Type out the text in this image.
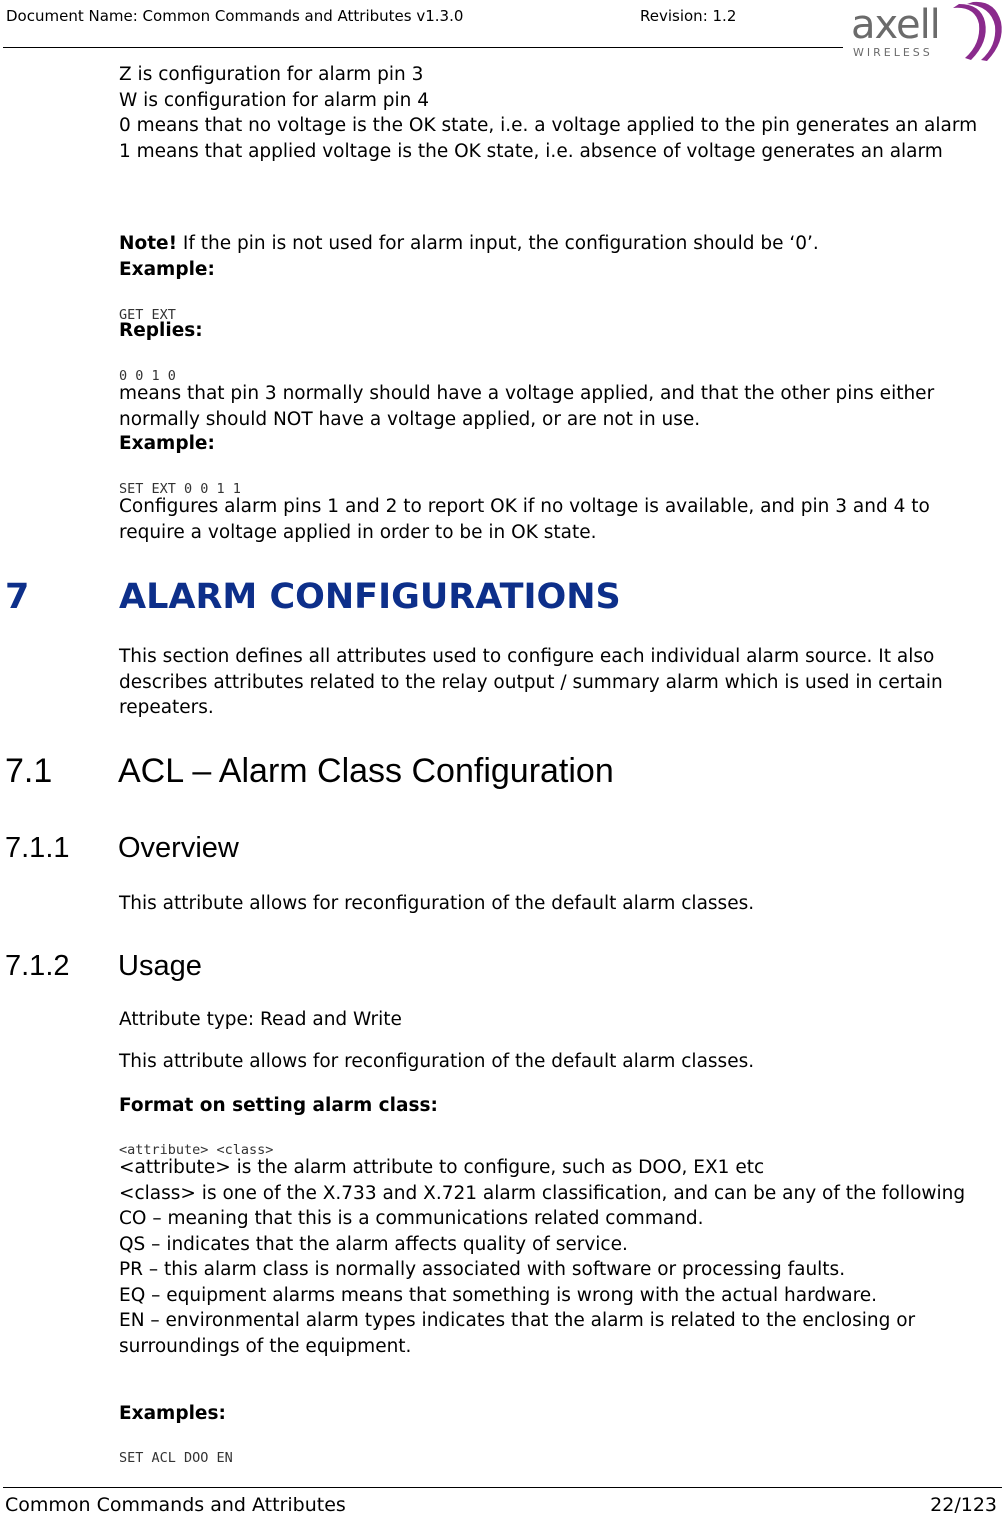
Document Name: Common Commands and Attributes v1.3.0	Revision: 1.2	axell
WIRELESS

Z is configuration for alarm pin 3

W is configuration for alarm pin 4

0 means that no voltage is the OK state, i.e. a voltage applied to the pin generates an alarm

1 means that applied voltage is the OK state, i.e. absence of voltage generates an alarm

Note! If the pin is not used for alarm input, the configuration should be ‘0’.

Example:

GET EXT

Replies:

0 0 1 0

means that pin 3 normally should have a voltage applied, and that the other pins either normally should NOT have a voltage applied, or are not in use.

Example:

SET EXT 0 0 1 1

Configures alarm pins 1 and 2 to report OK if no voltage is available, and pin 3 and 4 to require a voltage applied in order to be in OK state.

7	ALARM CONFIGURATIONS

This section defines all attributes used to configure each individual alarm source. It also describes attributes related to the relay output / summary alarm which is used in certain repeaters.

7.1 ACL – Alarm Class Configuration
7.1.1 Overview

This attribute allows for reconfiguration of the default alarm classes.

7.1.2 Usage

Attribute type: Read and Write

This attribute allows for reconfiguration of the default alarm classes.

Format on setting alarm class:

<attribute> <class>

<attribute> is the alarm attribute to configure, such as DOO, EX1 etc

<class> is one of the X.733 and X.721 alarm classification, and can be any of the following

CO – meaning that this is a communications related command.

QS – indicates that the alarm affects quality of service.

PR – this alarm class is normally associated with software or processing faults.

EQ – equipment alarms means that something is wrong with the actual hardware.

EN – environmental alarm types indicates that the alarm is related to the enclosing or surroundings of the equipment.

Examples:

SET ACL DOO EN

Common Commands and Attributes	22/123
